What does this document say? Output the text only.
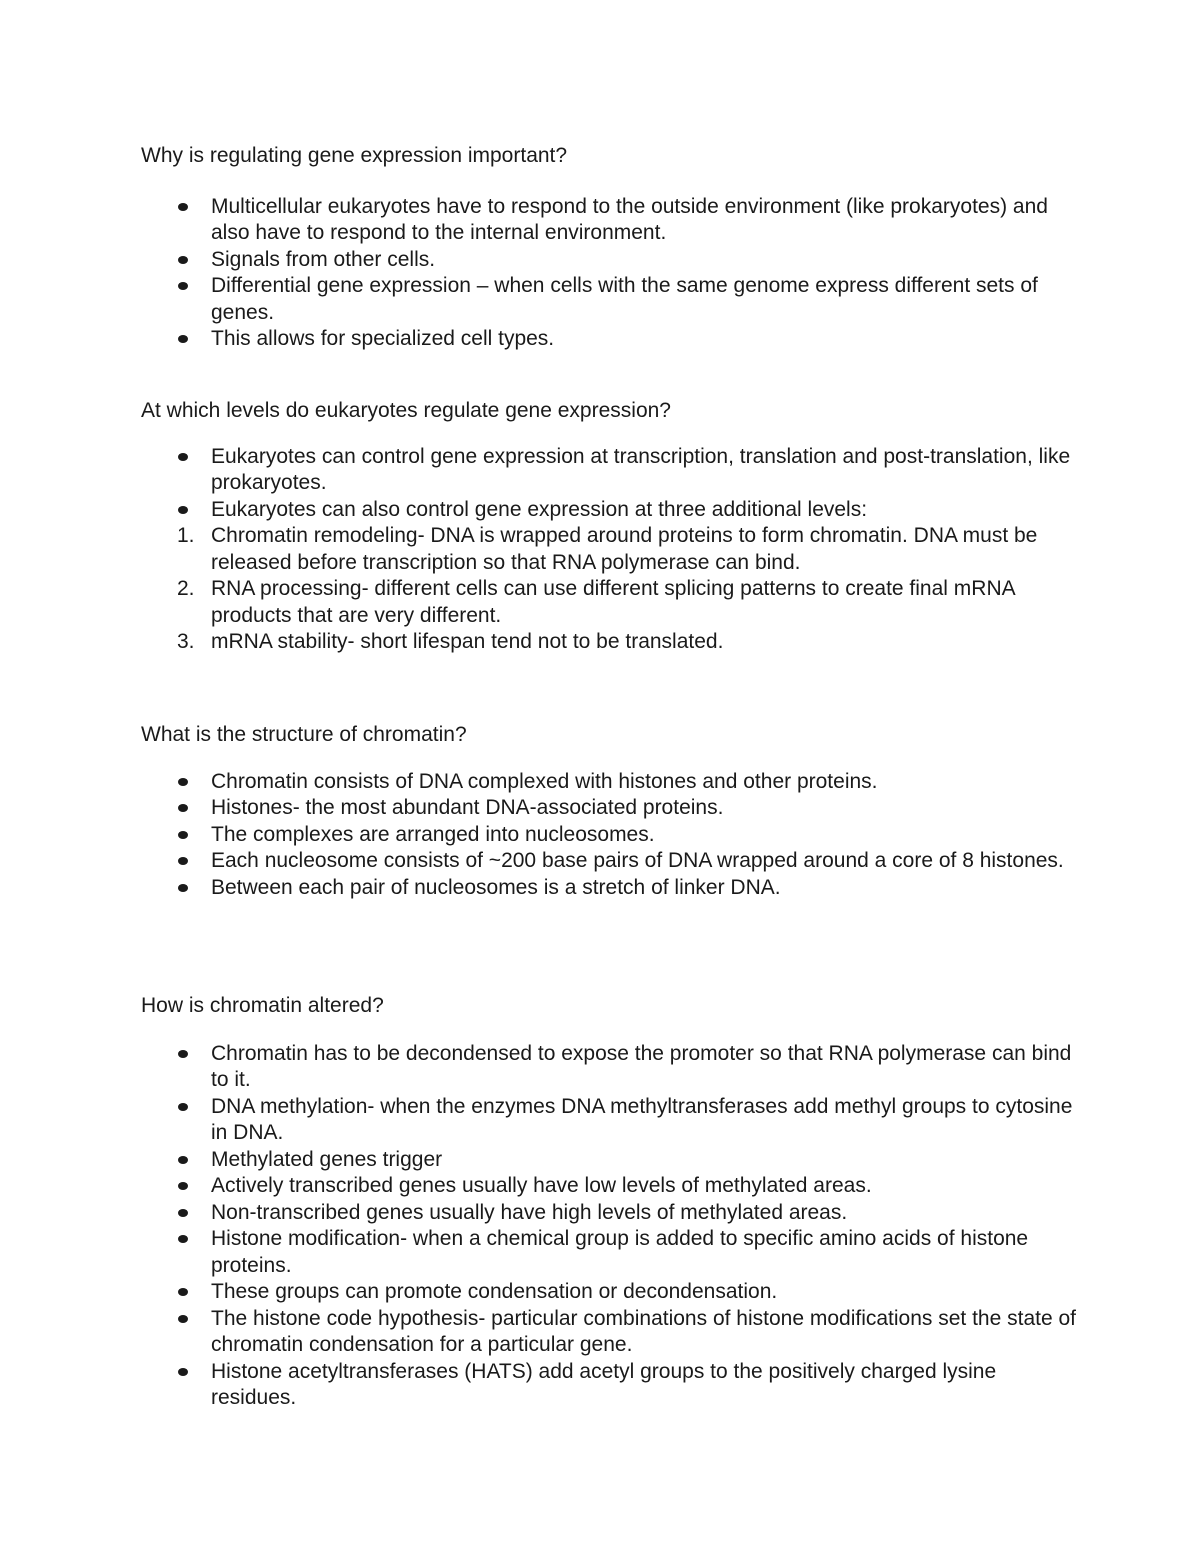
Why is regulating gene expression important?

Multicellular eukaryotes have to respond to the outside environment (like prokaryotes) and also have to respond to the internal environment.
Signals from other cells.
Differential gene expression – when cells with the same genome express different sets of genes.
This allows for specialized cell types.

At which levels do eukaryotes regulate gene expression?

Eukaryotes can control gene expression at transcription, translation and post-translation, like prokaryotes.
Eukaryotes can also control gene expression at three additional levels:
1. Chromatin remodeling- DNA is wrapped around proteins to form chromatin. DNA must be released before transcription so that RNA polymerase can bind.
2. RNA processing- different cells can use different splicing patterns to create final mRNA products that are very different.
3. mRNA stability- short lifespan tend not to be translated.

What is the structure of chromatin?

Chromatin consists of DNA complexed with histones and other proteins.
Histones- the most abundant DNA-associated proteins.
The complexes are arranged into nucleosomes.
Each nucleosome consists of ~200 base pairs of DNA wrapped around a core of 8 histones.
Between each pair of nucleosomes is a stretch of linker DNA.

How is chromatin altered?

Chromatin has to be decondensed to expose the promoter so that RNA polymerase can bind to it.
DNA methylation- when the enzymes DNA methyltransferases add methyl groups to cytosine in DNA.
Methylated genes trigger
Actively transcribed genes usually have low levels of methylated areas.
Non-transcribed genes usually have high levels of methylated areas.
Histone modification- when a chemical group is added to specific amino acids of histone proteins.
These groups can promote condensation or decondensation.
The histone code hypothesis- particular combinations of histone modifications set the state of chromatin condensation for a particular gene.
Histone acetyltransferases (HATS) add acetyl groups to the positively charged lysine residues.
